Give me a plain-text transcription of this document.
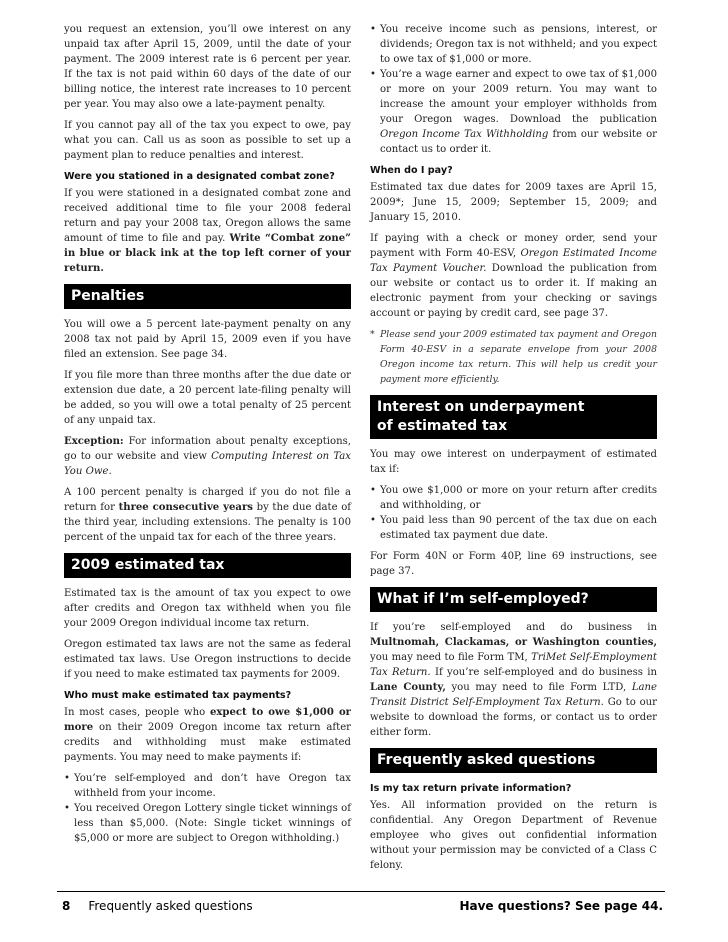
you request an extension, you’ll owe interest on any unpaid tax after April 15, 2009, until the date of your payment. The 2009 interest rate is 6 percent per year. If the tax is not paid within 60 days of the date of our billing notice, the interest rate increases to 10 percent per year. You may also owe a late-payment penalty.

If you cannot pay all of the tax you expect to owe, pay what you can. Call us as soon as possible to set up a payment plan to reduce penalties and interest.

Were you stationed in a designated combat zone?

If you were stationed in a designated combat zone and received additional time to file your 2008 federal return and pay your 2008 tax, Oregon allows the same amount of time to file and pay. Write “Combat zone” in blue or black ink at the top left corner of your return.

Penalties

You will owe a 5 percent late-payment penalty on any 2008 tax not paid by April 15, 2009 even if you have filed an extension. See page 34.

If you file more than three months after the due date or extension due date, a 20 percent late-filing penalty will be added, so you will owe a total penalty of 25 percent of any unpaid tax.

Exception: For information about penalty exceptions, go to our website and view Computing Interest on Tax You Owe.

A 100 percent penalty is charged if you do not file a return for three consecutive years by the due date of the third year, including extensions. The penalty is 100 percent of the unpaid tax for each of the three years.

2009 estimated tax

Estimated tax is the amount of tax you expect to owe after credits and Oregon tax withheld when you file your 2009 Oregon individual income tax return.

Oregon estimated tax laws are not the same as federal estimated tax laws. Use Oregon instructions to decide if you need to make estimated tax payments for 2009.

Who must make estimated tax payments?

In most cases, people who expect to owe $1,000 or more on their 2009 Oregon income tax return after credits and withholding must make estimated payments. You may need to make payments if:

• You’re self-employed and don’t have Oregon tax withheld from your income.
• You received Oregon Lottery single ticket winnings of less than $5,000. (Note: Single ticket winnings of $5,000 or more are subject to Oregon withholding.)
• You receive income such as pensions, interest, or dividends; Oregon tax is not withheld; and you expect to owe tax of $1,000 or more.
• You’re a wage earner and expect to owe tax of $1,000 or more on your 2009 return. You may want to increase the amount your employer withholds from your Oregon wages. Download the publication Oregon Income Tax Withholding from our website or contact us to order it.
When do I pay?

Estimated tax due dates for 2009 taxes are April 15, 2009*; June 15, 2009; September 15, 2009; and January 15, 2010.

If paying with a check or money order, send your payment with Form 40-ESV, Oregon Estimated Income Tax Payment Voucher. Download the publication from our website or contact us to order it. If making an electronic payment from your checking or savings account or paying by credit card, see page 37.

* Please send your 2009 estimated tax payment and Oregon Form 40-ESV in a separate envelope from your 2008 Oregon income tax return. This will help us credit your payment more efficiently.
Interest on underpayment
of estimated tax

You may owe interest on underpayment of estimated tax if:

• You owe $1,000 or more on your return after credits and withholding, or
• You paid less than 90 percent of the tax due on each estimated tax payment due date.

For Form 40N or Form 40P, line 69 instructions, see page 37.

What if I’m self-employed?

If you’re self-employed and do business in Multnomah, Clackamas, or Washington counties, you may need to file Form TM, TriMet Self-Employment Tax Return. If you’re self-employed and do business in Lane County, you may need to file Form LTD, Lane Transit District Self-Employment Tax Return. Go to our website to download the forms, or contact us to order either form.

Frequently asked questions
Is my tax return private information?

Yes. All information provided on the return is confidential. Any Oregon Department of Revenue employee who gives out confidential information without your permission may be convicted of a Class C felony.

8 Frequently asked questions	Have questions? See page 44.
